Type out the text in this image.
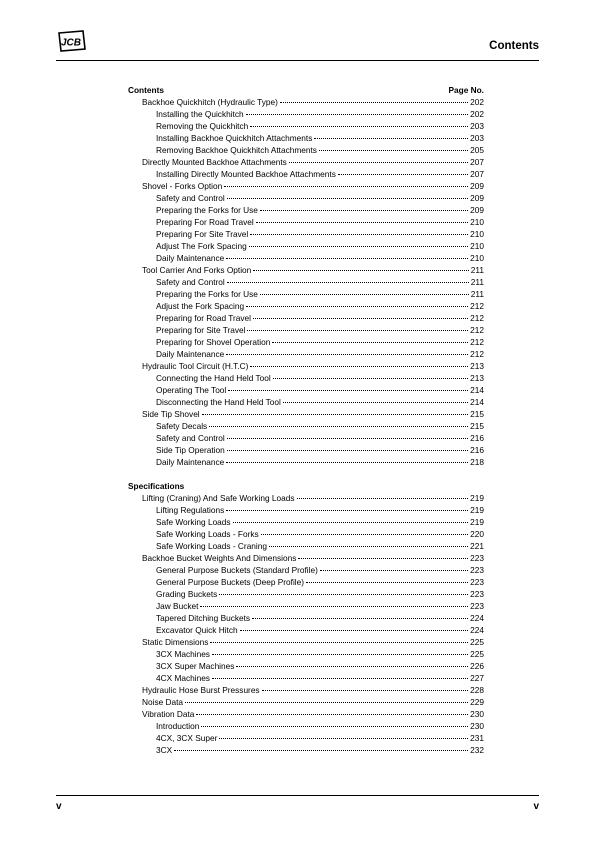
JCB	Contents
Contents	Page No.
Backhoe Quickhitch (Hydraulic Type)	202
Installing the Quickhitch	202
Removing the Quickhitch	203
Installing Backhoe Quickhitch Attachments	203
Removing Backhoe Quickhitch Attachments	205
Directly Mounted Backhoe Attachments	207
Installing Directly Mounted Backhoe Attachments	207
Shovel - Forks Option	209
Safety and Control	209
Preparing the Forks for Use	209
Preparing For Road Travel	210
Preparing For Site Travel	210
Adjust The Fork Spacing	210
Daily Maintenance	210
Tool Carrier And Forks Option	211
Safety and Control	211
Preparing the Forks for Use	211
Adjust the Fork Spacing	212
Preparing for Road Travel	212
Preparing for Site Travel	212
Preparing for Shovel Operation	212
Daily Maintenance	212
Hydraulic Tool Circuit (H.T.C)	213
Connecting the Hand Held Tool	213
Operating The Tool	214
Disconnecting the Hand Held Tool	214
Side Tip Shovel	215
Safety Decals	215
Safety and Control	216
Side Tip Operation	216
Daily Maintenance	218
Specifications
Lifting (Craning) And Safe Working Loads	219
Lifting Regulations	219
Safe Working Loads	219
Safe Working Loads - Forks	220
Safe Working Loads - Craning	221
Backhoe Bucket Weights And Dimensions	223
General Purpose Buckets (Standard Profile)	223
General Purpose Buckets (Deep Profile)	223
Grading Buckets	223
Jaw Bucket	223
Tapered Ditching Buckets	224
Excavator Quick Hitch	224
Static Dimensions	225
3CX Machines	225
3CX Super Machines	226
4CX Machines	227
Hydraulic Hose Burst Pressures	228
Noise Data	229
Vibration Data	230
Introduction	230
4CX, 3CX Super	231
3CX	232
v	v
